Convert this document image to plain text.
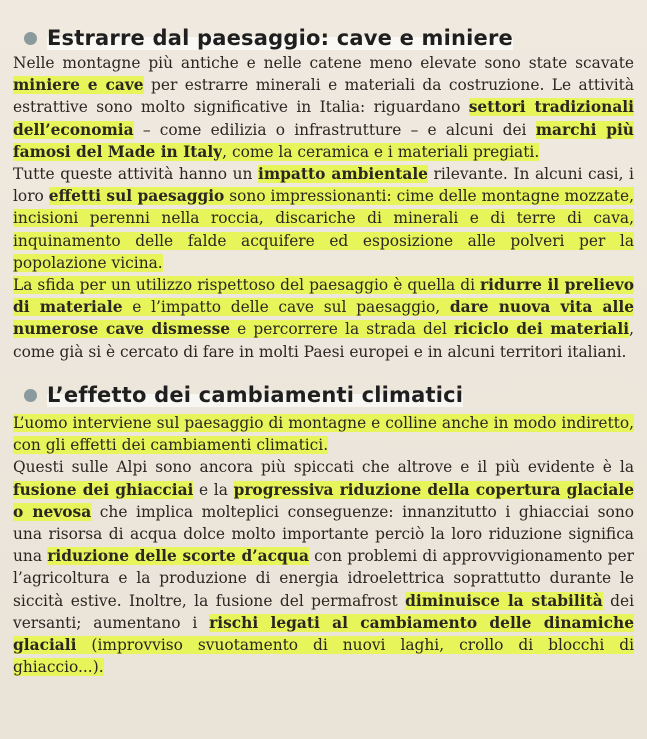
Estrarre dal paesaggio: cave e miniere

Nelle montagne più antiche e nelle catene meno elevate sono state scavate miniere e cave per estrarre minerali e materiali da costruzione. Le attività estrattive sono molto significative in Italia: riguardano settori tradizionali dell’economia – come edilizia o infrastrutture – e alcuni dei marchi più famosi del Made in Italy, come la ceramica e i materiali pregiati.

Tutte queste attività hanno un impatto ambientale rilevante. In alcuni casi, i loro effetti sul paesaggio sono impressionanti: cime delle montagne mozzate, incisioni perenni nella roccia, discariche di minerali e di terre di cava, inquinamento delle falde acquifere ed esposizione alle polveri per la popolazione vicina.

La sfida per un utilizzo rispettoso del paesaggio è quella di ridurre il prelievo di materiale e l’impatto delle cave sul paesaggio, dare nuova vita alle numerose cave dismesse e percorrere la strada del riciclo dei materiali, come già si è cercato di fare in molti Paesi europei e in alcuni territori italiani.

L’effetto dei cambiamenti climatici

L’uomo interviene sul paesaggio di montagne e colline anche in modo indiretto, con gli effetti dei cambiamenti climatici.

Questi sulle Alpi sono ancora più spiccati che altrove e il più evidente è la fusione dei ghiacciai e la progressiva riduzione della copertura glaciale o nevosa che implica molteplici conseguenze: innanzitutto i ghiacciai sono una risorsa di acqua dolce molto importante perciò la loro riduzione significa una riduzione delle scorte d’acqua con problemi di approvvigionamento per l’agricoltura e la produzione di energia idroelettrica soprattutto durante le siccità estive. Inoltre, la fusione del permafrost diminuisce la stabilità dei versanti; aumentano i rischi legati al cambiamento delle dinamiche glaciali (improvviso svuotamento di nuovi laghi, crollo di blocchi di ghiaccio...).
